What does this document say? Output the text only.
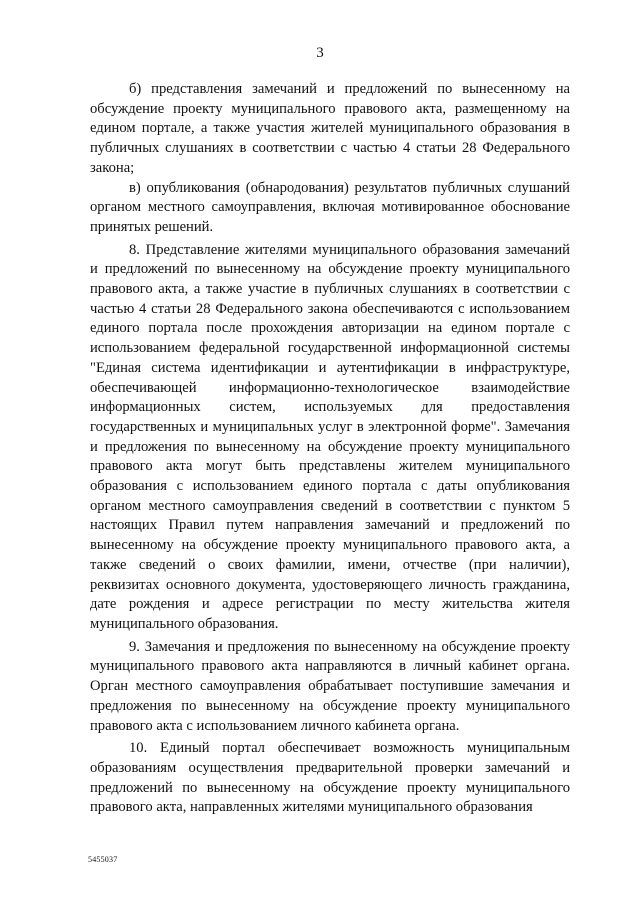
3

б) представления замечаний и предложений по вынесенному на обсуждение проекту муниципального правового акта, размещенному на едином портале, а также участия жителей муниципального образования в публичных слушаниях в соответствии с частью 4 статьи 28 Федерального закона;

в) опубликования (обнародования) результатов публичных слушаний органом местного самоуправления, включая мотивированное обоснование принятых решений.

8. Представление жителями муниципального образования замечаний и предложений по вынесенному на обсуждение проекту муниципального правового акта, а также участие в публичных слушаниях в соответствии с частью 4 статьи 28 Федерального закона обеспечиваются с использованием единого портала после прохождения авторизации на едином портале с использованием федеральной государственной информационной системы "Единая система идентификации и аутентификации в инфраструктуре, обеспечивающей информационно-технологическое взаимодействие информационных систем, используемых для предоставления государственных и муниципальных услуг в электронной форме". Замечания и предложения по вынесенному на обсуждение проекту муниципального правового акта могут быть представлены жителем муниципального образования с использованием единого портала с даты опубликования органом местного самоуправления сведений в соответствии с пунктом 5 настоящих Правил путем направления замечаний и предложений по вынесенному на обсуждение проекту муниципального правового акта, а также сведений о своих фамилии, имени, отчестве (при наличии), реквизитах основного документа, удостоверяющего личность гражданина, дате рождения и адресе регистрации по месту жительства жителя муниципального образования.

9. Замечания и предложения по вынесенному на обсуждение проекту муниципального правового акта направляются в личный кабинет органа. Орган местного самоуправления обрабатывает поступившие замечания и предложения по вынесенному на обсуждение проекту муниципального правового акта с использованием личного кабинета органа.

10. Единый портал обеспечивает возможность муниципальным образованиям осуществления предварительной проверки замечаний и предложений по вынесенному на обсуждение проекту муниципального правового акта, направленных жителями муниципального образования

5455037
